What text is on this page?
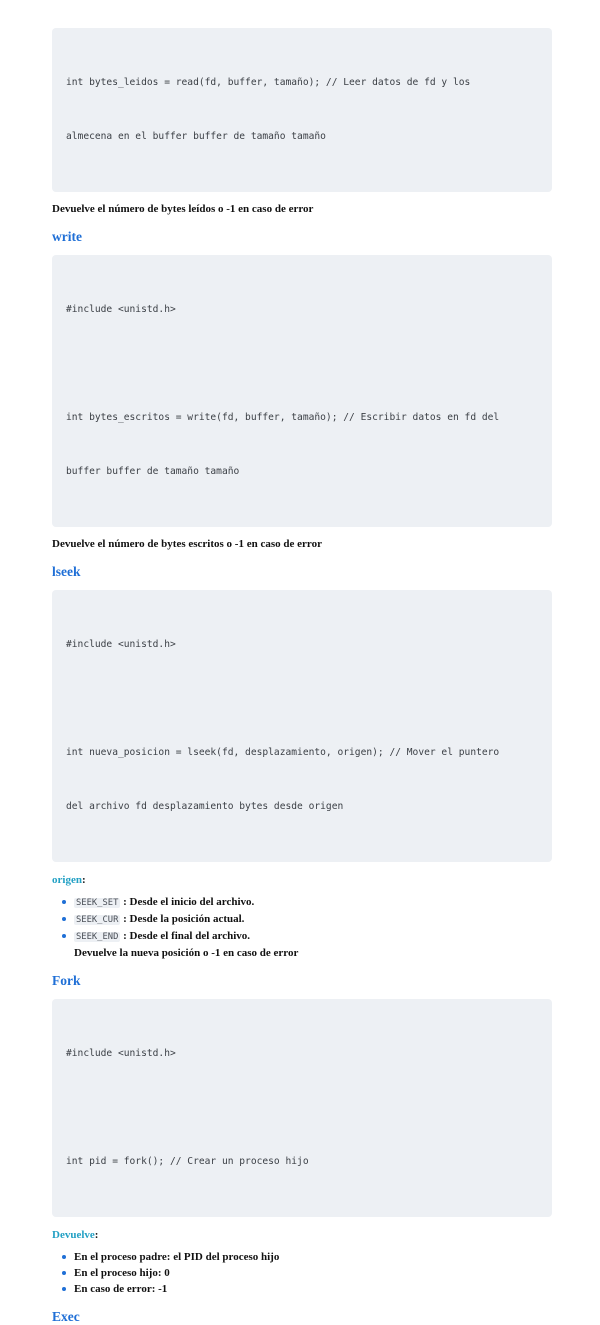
int bytes_leidos = read(fd, buffer, tamaño); // Leer datos de fd y los

almecena en el buffer buffer de tamaño tamaño

Devuelve el número de bytes leídos o -1 en caso de error

write

#include <unistd.h>

int bytes_escritos = write(fd, buffer, tamaño); // Escribir datos en fd del

buffer buffer de tamaño tamaño

Devuelve el número de bytes escritos o -1 en caso de error

lseek

#include <unistd.h>

int nueva_posicion = lseek(fd, desplazamiento, origen); // Mover el puntero

del archivo fd desplazamiento bytes desde origen

origen:
SEEK_SET : Desde el inicio del archivo.
SEEK_CUR : Desde la posición actual.
SEEK_END : Desde el final del archivo.

Devuelve la nueva posición o -1 en caso de error

Fork

#include <unistd.h>

int pid = fork(); // Crear un proceso hijo

Devuelve:
En el proceso padre: el PID del proceso hijo
En el proceso hijo: 0
En caso de error: -1
Exec
